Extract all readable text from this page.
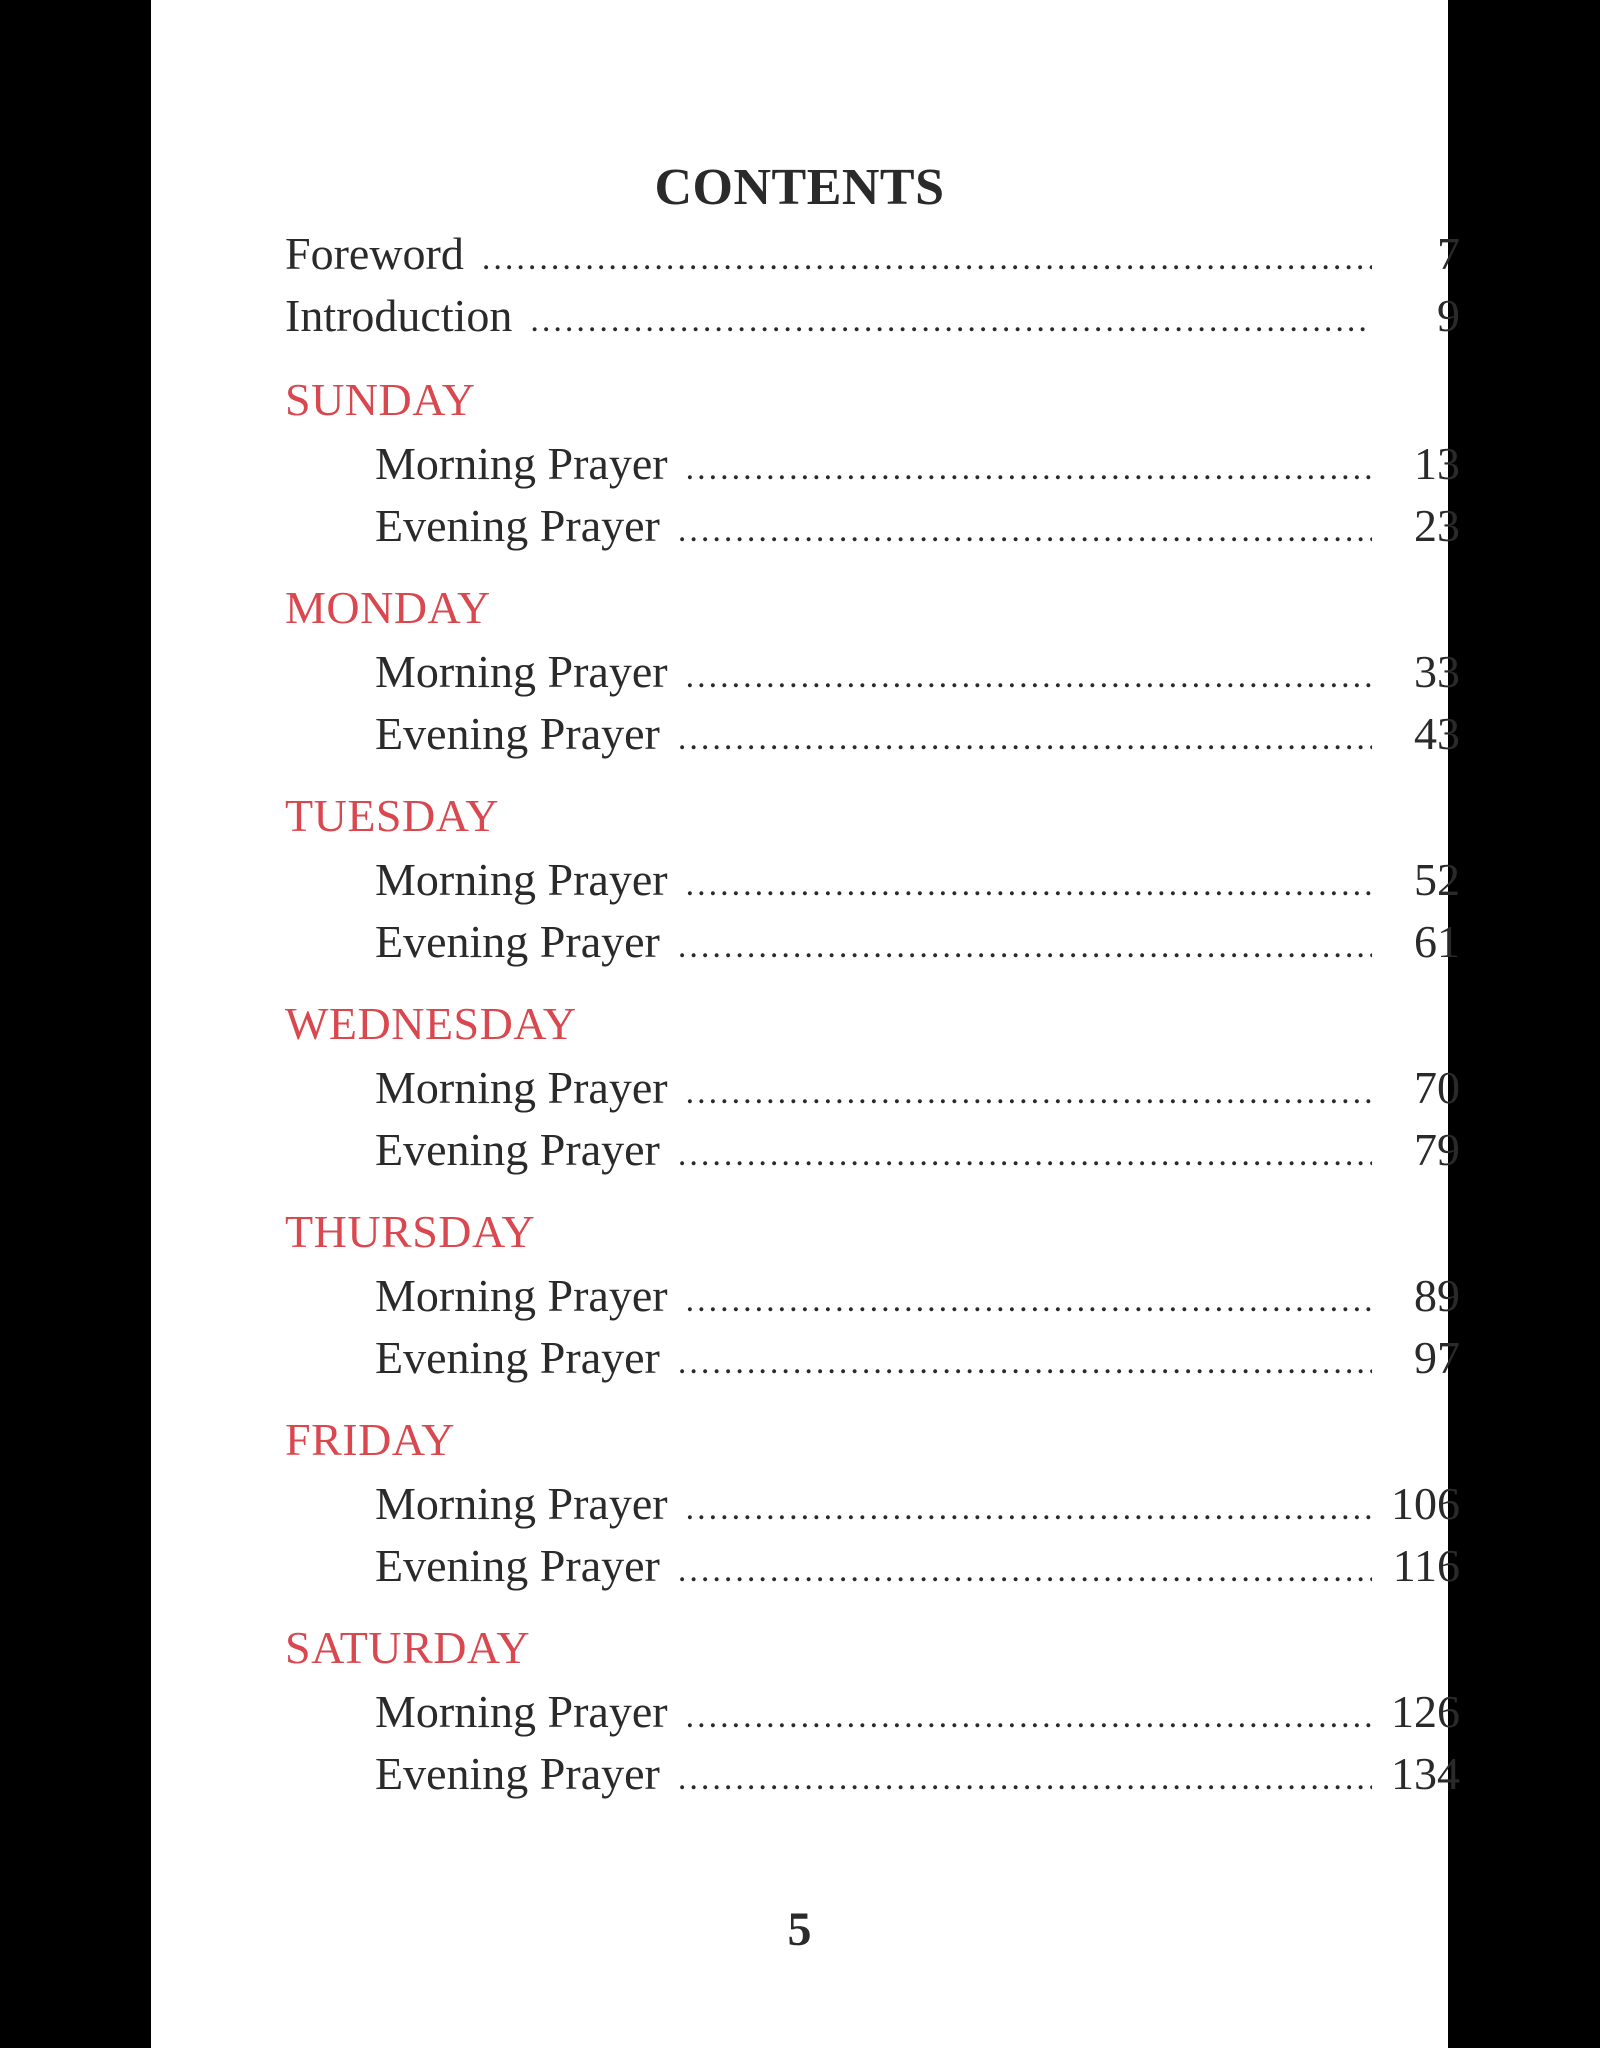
CONTENTS
Foreword .....	7
Introduction .....	9
SUNDAY
Morning Prayer .....	13
Evening Prayer .....	23
MONDAY
Morning Prayer .....	33
Evening Prayer .....	43
TUESDAY
Morning Prayer .....	52
Evening Prayer .....	61
WEDNESDAY
Morning Prayer .....	70
Evening Prayer .....	79
THURSDAY
Morning Prayer .....	89
Evening Prayer .....	97
FRIDAY
Morning Prayer .....	106
Evening Prayer .....	116
SATURDAY
Morning Prayer .....	126
Evening Prayer .....	134
5
